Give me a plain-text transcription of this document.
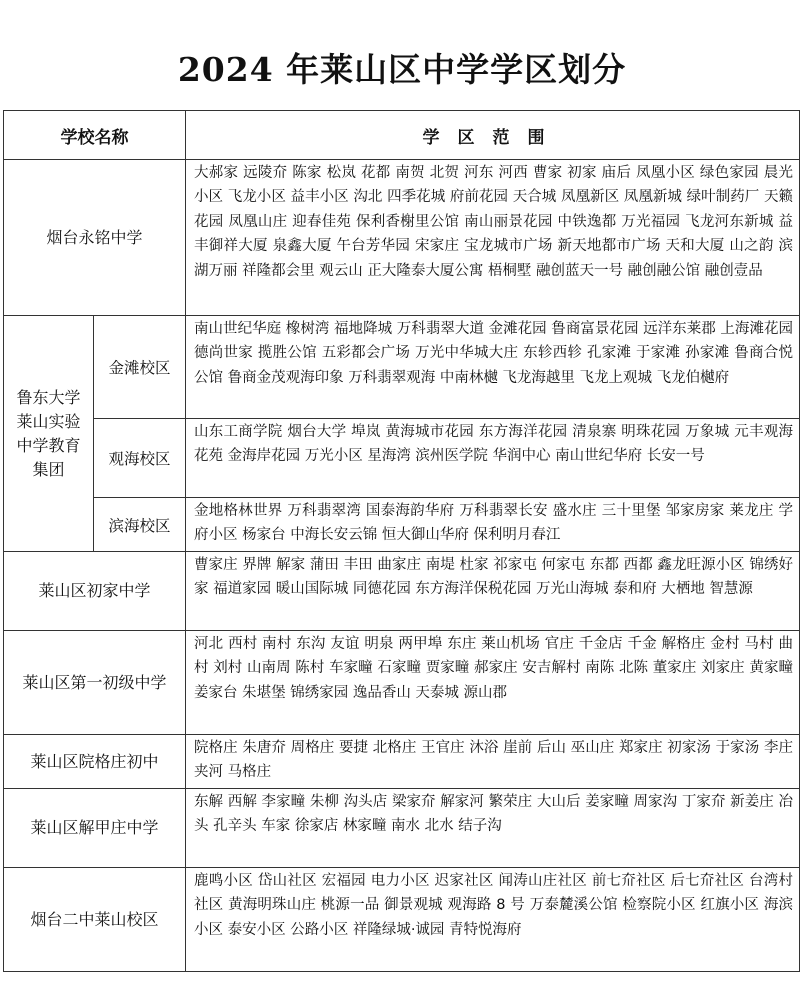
2024 年莱山区中学学区划分
学校名称		学区范围
烟台永铭中学		大郝家 远陵夼 陈家 松岚 花都 南贺 北贺 河东 河西 曹家 初家 庙后 凤凰小区 绿色家园 晨光小区 飞龙小区 益丰小区 沟北 四季花城 府前花园 天合城 凤凰新区 凤凰新城 绿叶制药厂 天籁花园 凤凰山庄 迎春佳苑 保利香榭里公馆 南山丽景花园 中铁逸都 万光福园 飞龙河东新城 益丰御祥大厦 泉鑫大厦 午台芳华园 宋家庄 宝龙城市广场 新天地都市广场 天和大厦 山之韵 滨湖万丽 祥隆都会里 观云山 正大隆泰大厦公寓 梧桐墅 融创蓝天一号 融创融公馆 融创壹品
鲁东大学莱山实验中学教育集团	金滩校区	南山世纪华庭 橡树湾 福地降城 万科翡翠大道 金滩花园 鲁商富景花园 远洋东莱郡 上海滩花园 德尚世家 揽胜公馆 五彩都会广场 万光中华城大庄 东轸西轸 孔家滩 于家滩 孙家滩 鲁商合悦公馆 鲁商金茂观海印象 万科翡翠观海 中南林樾 飞龙海越里 飞龙上观城 飞龙伯樾府
	观海校区	山东工商学院 烟台大学 埠岚 黄海城市花园 东方海洋花园 清泉寨 明珠花园 万象城 元丰观海花苑 金海岸花园 万光小区 星海湾 滨州医学院 华润中心 南山世纪华府 长安一号
	滨海校区	金地格林世界 万科翡翠湾 国泰海韵华府 万科翡翠长安 盛水庄 三十里堡 邹家房家 莱龙庄 学府小区 杨家台 中海长安云锦 恒大御山华府 保利明月春江
莱山区初家中学		曹家庄 界牌 解家 蒲田 丰田 曲家庄 南堤 杜家 祁家屯 何家屯 东都 西都 鑫龙旺源小区 锦绣好家 福道家园 暖山国际城 同德花园 东方海洋保税花园 万光山海城 泰和府 大栖地 智慧源
莱山区第一初级中学		河北 西村 南村 东沟 友谊 明泉 两甲埠 东庄 莱山机场 官庄 千金店 千金 解格庄 金村 马村 曲村 刘村 山南周 陈村 车家疃 石家疃 贾家疃 郝家庄 安吉解村 南陈 北陈 董家庄 刘家庄 黄家疃 姜家台 朱堪堡 锦绣家园 逸品香山 天泰城 源山郡
莱山区院格庄初中		院格庄 朱唐夼 周格庄 要捷 北格庄 王官庄 沐浴 崖前 后山 巫山庄 郑家庄 初家汤 于家汤 李庄 夹河 马格庄
莱山区解甲庄中学		东解 西解 李家疃 朱柳 沟头店 梁家夼 解家河 繁荣庄 大山后 姜家疃 周家沟 丁家夼 新姜庄 冶头 孔辛头 车家 徐家店 林家疃 南水 北水 结子沟
烟台二中莱山校区		鹿鸣小区 岱山社区 宏福园 电力小区 迟家社区 闻涛山庄社区 前七夼社区 后七夼社区 台湾村社区 黄海明珠山庄 桃源一品 御景观城 观海路 8 号 万泰麓溪公馆 检察院小区 红旗小区 海滨小区 泰安小区 公路小区 祥隆绿城·诚园 青特悦海府
